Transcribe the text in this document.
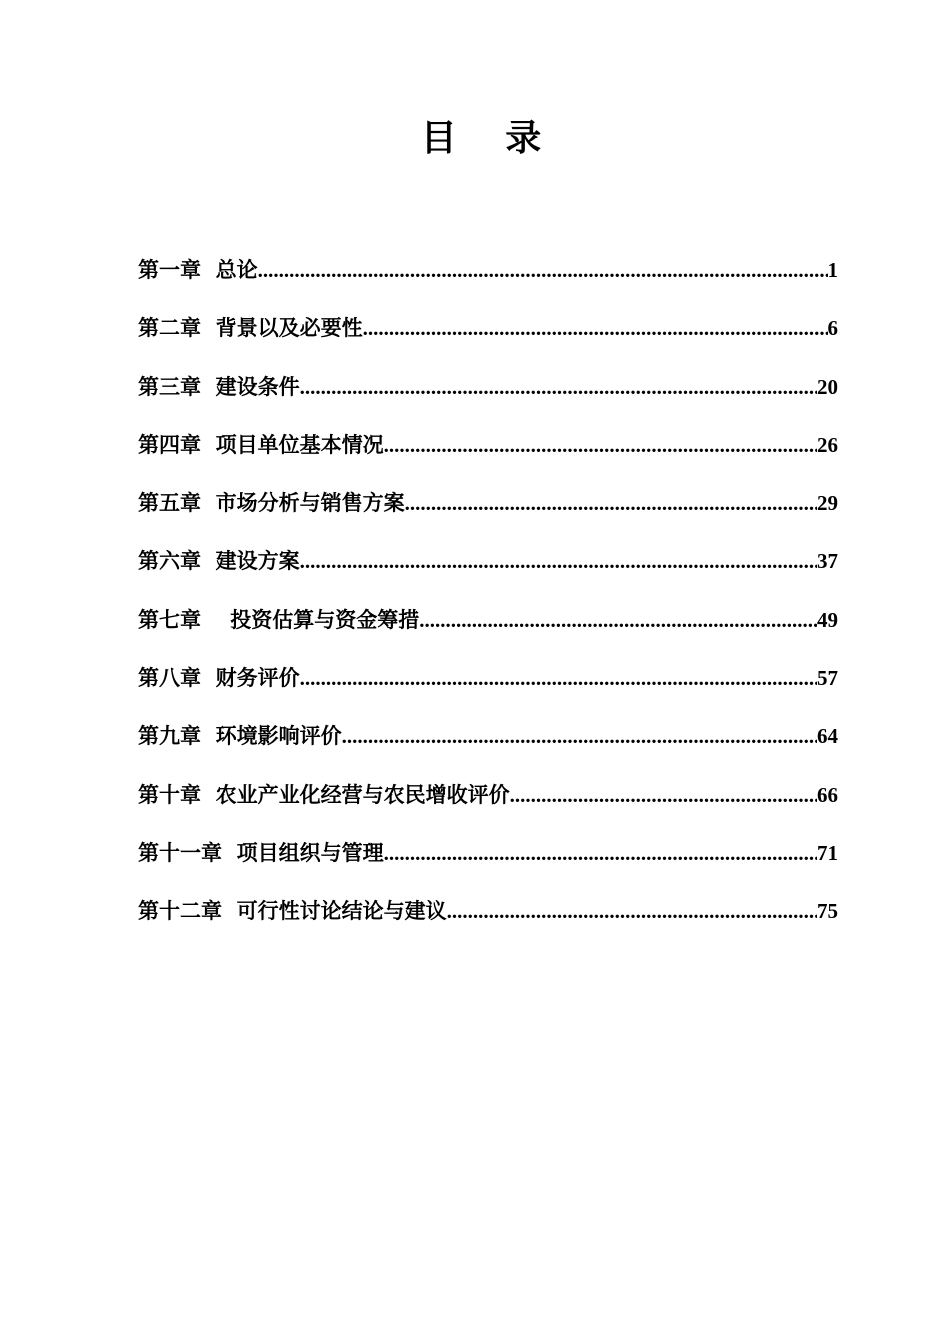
目 录
第一章 总论 .....	1
第二章 背景以及必要性 .....	6
第三章 建设条件 .....	20
第四章 项目单位基本情况 .....	26
第五章 市场分析与销售方案 .....	29
第六章 建设方案 .....	37
第七章 投资估算与资金筹措 .....	49
第八章 财务评价 .....	57
第九章 环境影响评价 .....	64
第十章 农业产业化经营与农民增收评价 .....	66
第十一章 项目组织与管理 .....	71
第十二章 可行性讨论结论与建议 .....	75
